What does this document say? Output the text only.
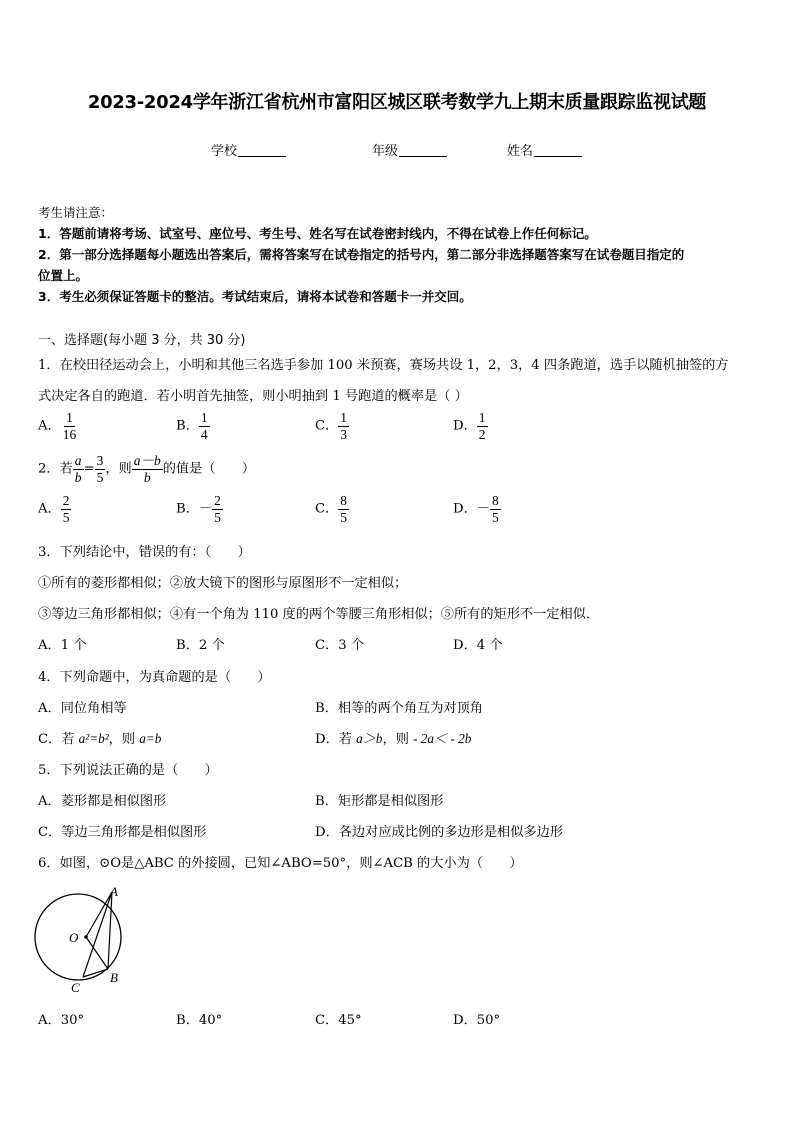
2023-2024学年浙江省杭州市富阳区城区联考数学九上期末质量跟踪监视试题
学校	年级	姓名
考生请注意：
1．答题前请将考场、试室号、座位号、考生号、姓名写在试卷密封线内，不得在试卷上作任何标记。
2．第一部分选择题每小题选出答案后，需将答案写在试卷指定的括号内，第二部分非选择题答案写在试卷题目指定的
位置上。
3．考生必须保证答题卡的整洁。考试结束后，请将本试卷和答题卡一并交回。
一、选择题(每小题 3 分，共 30 分)
1．在校田径运动会上，小明和其他三名选手参加 100 米预赛，赛场共设 1，2，3，4 四条跑道，选手以随机抽签的方
式决定各自的跑道．若小明首先抽签，则小明抽到 1 号跑道的概率是（ ）
A． $\frac{1}{16}$	B． $\frac{1}{4}$	C． $\frac{1}{3}$	D． $\frac{1}{2}$
2．若 $\frac{a}{b} = \frac{3}{5}$ ，则 $\frac{a-b}{b}$ 的值是（　　）
A． $\frac{2}{5}$	B．－ $\frac{2}{5}$	C． $\frac{8}{5}$	D．－ $\frac{8}{5}$
3．下列结论中，错误的有：（　　）
①所有的菱形都相似；②放大镜下的图形与原图形不一定相似；
③等边三角形都相似；④有一个角为 110 度的两个等腰三角形相似；⑤所有的矩形不一定相似．
A．1 个	B．2 个	C．3 个	D．4 个
4．下列命题中，为真命题的是（　　）
A．同位角相等	B．相等的两个角互为对顶角
C．若 a²=b²，则 a=b	D．若 a＞b，则 - 2a＜ - 2b
5．下列说法正确的是（　　）
A．菱形都是相似图形	B．矩形都是相似图形
C．等边三角形都是相似图形	D．各边对应成比例的多边形是相似多边形
6．如图，⊙O是△ABC 的外接圆，已知∠ABO=50°，则∠ACB 的大小为（　　）
A
O
B
C
A．30°	B．40°	C．45°	D．50°
